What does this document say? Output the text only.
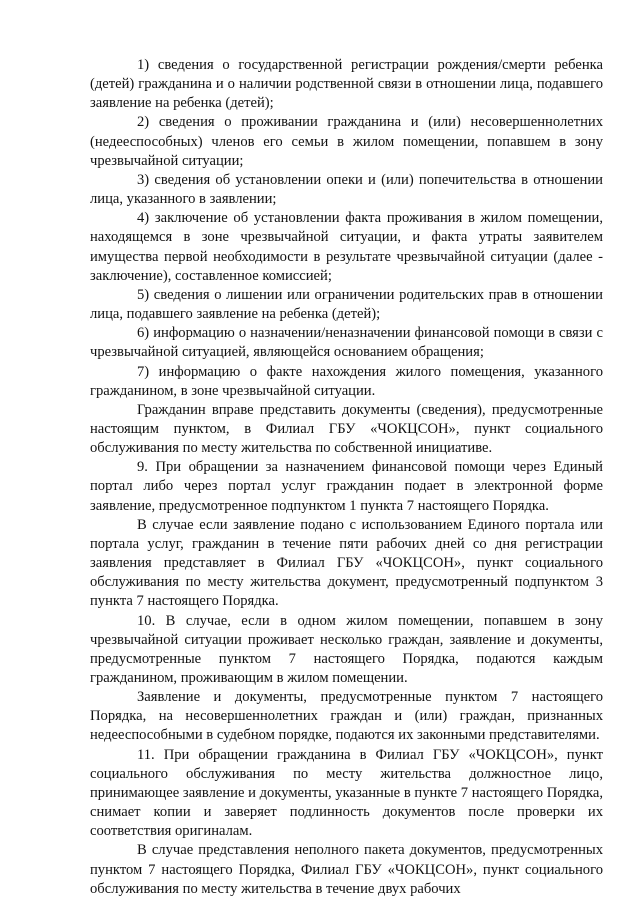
1) сведения о государственной регистрации рождения/смерти ребенка (детей) гражданина и о наличии родственной связи в отношении лица, подавшего заявление на ребенка (детей);

2) сведения о проживании гражданина и (или) несовершеннолетних (недееспособных) членов его семьи в жилом помещении, попавшем в зону чрезвычайной ситуации;

3) сведения об установлении опеки и (или) попечительства в отношении лица, указанного в заявлении;

4) заключение об установлении факта проживания в жилом помещении, находящемся в зоне чрезвычайной ситуации, и факта утраты заявителем имущества первой необходимости в результате чрезвычайной ситуации (далее - заключение), составленное комиссией;

5) сведения о лишении или ограничении родительских прав в отношении лица, подавшего заявление на ребенка (детей);

6) информацию о назначении/неназначении финансовой помощи в связи с чрезвычайной ситуацией, являющейся основанием обращения;

7) информацию о факте нахождения жилого помещения, указанного гражданином, в зоне чрезвычайной ситуации.

Гражданин вправе представить документы (сведения), предусмотренные настоящим пунктом, в Филиал ГБУ «ЧОКЦСОН», пункт социального обслуживания по месту жительства по собственной инициативе.

9. При обращении за назначением финансовой помощи через Единый портал либо через портал услуг гражданин подает в электронной форме заявление, предусмотренное подпунктом 1 пункта 7 настоящего Порядка.

В случае если заявление подано с использованием Единого портала или портала услуг, гражданин в течение пяти рабочих дней со дня регистрации заявления представляет в Филиал ГБУ «ЧОКЦСОН», пункт социального обслуживания по месту жительства документ, предусмотренный подпунктом 3 пункта 7 настоящего Порядка.

10. В случае, если в одном жилом помещении, попавшем в зону чрезвычайной ситуации проживает несколько граждан, заявление и документы, предусмотренные пунктом 7 настоящего Порядка, подаются каждым гражданином, проживающим в жилом помещении.

Заявление и документы, предусмотренные пунктом 7 настоящего Порядка, на несовершеннолетних граждан и (или) граждан, признанных недееспособными в судебном порядке, подаются их законными представителями.

11. При обращении гражданина в Филиал ГБУ «ЧОКЦСОН», пункт социального обслуживания по месту жительства должностное лицо, принимающее заявление и документы, указанные в пункте 7 настоящего Порядка, снимает копии и заверяет подлинность документов после проверки их соответствия оригиналам.

В случае представления неполного пакета документов, предусмотренных пунктом 7 настоящего Порядка, Филиал ГБУ «ЧОКЦСОН», пункт социального обслуживания по месту жительства в течение двух рабочих
